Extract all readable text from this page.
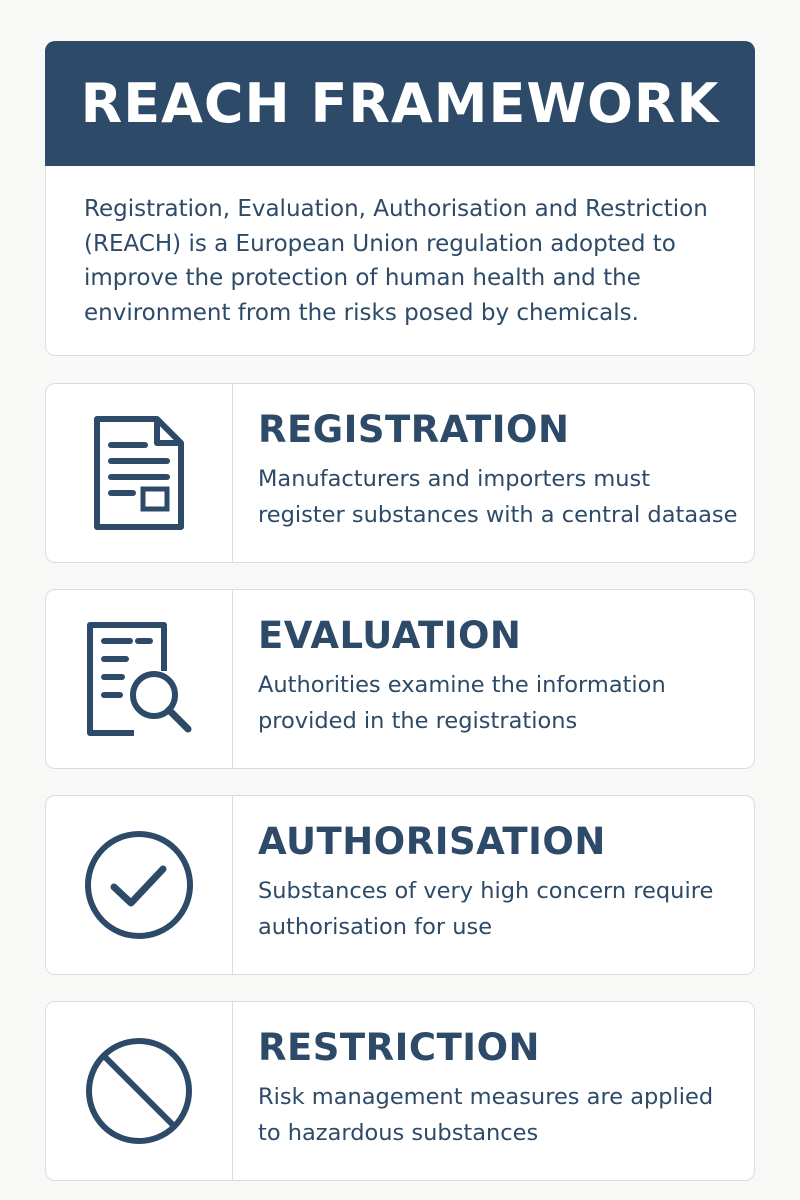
REACH FRAMEWORK

Registration, Evaluation, Authorisation and Restriction (REACH) is a European Union regulation adopted to improve the protection of human health and the environment from the risks posed by chemicals.

REGISTRATION

Manufacturers and importers must register substances with a central dataase

EVALUATION

Authorities examine the information provided in the registrations

AUTHORISATION

Substances of very high concern require authorisation for use

RESTRICTION

Risk management measures are applied to hazardous substances
